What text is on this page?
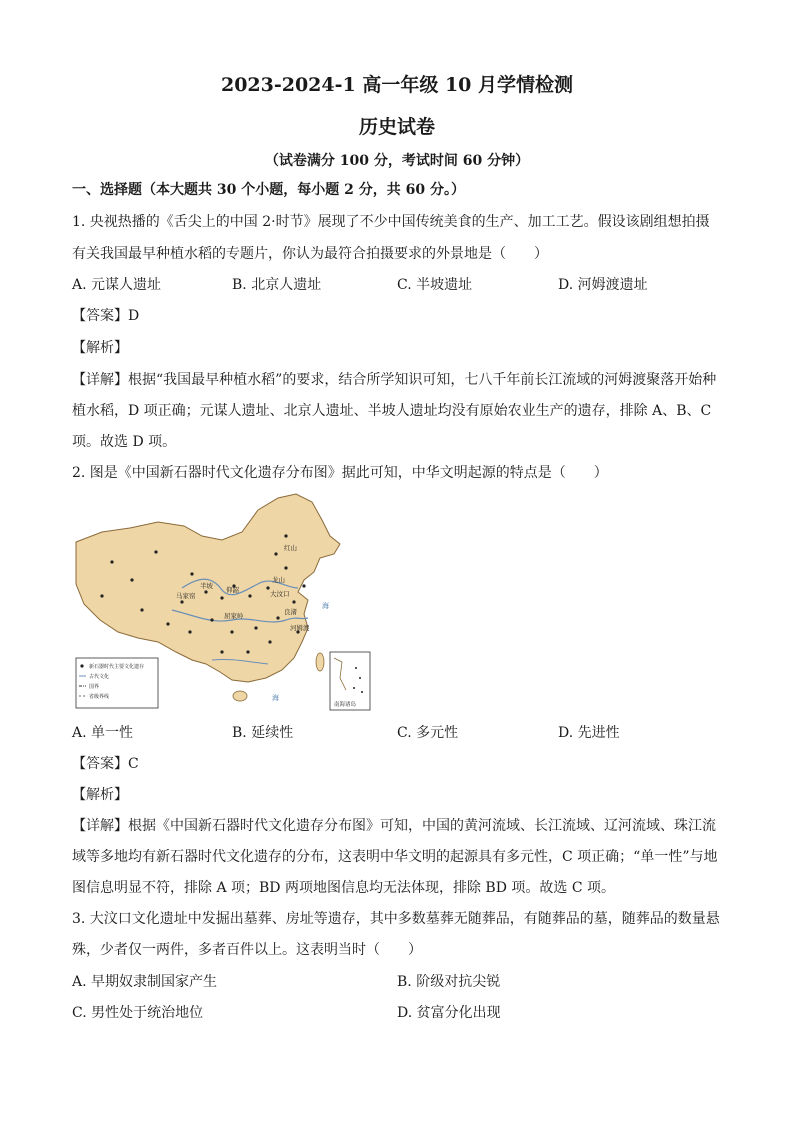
2023-2024-1 高一年级 10 月学情检测
历史试卷
（试卷满分 100 分，考试时间 60 分钟）
一、选择题（本大题共 30 个小题，每小题 2 分，共 60 分。）
1. 央视热播的《舌尖上的中国 2·时节》展现了不少中国传统美食的生产、加工工艺。假设该剧组想拍摄
有关我国最早种植水稻的专题片，你认为最符合拍摄要求的外景地是（　　）
A. 元谋人遗址	B. 北京人遗址	C. 半坡遗址	D. 河姆渡遗址
【答案】D
【解析】
【详解】根据“我国最早种植水稻”的要求，结合所学知识可知，七八千年前长江流域的河姆渡聚落开始种
植水稻，D 项正确；元谋人遗址、北京人遗址、半坡人遗址均没有原始农业生产的遗存，排除 A、B、C
项。故选 D 项。
2. 图是《中国新石器时代文化遗存分布图》据此可知，中华文明起源的特点是（　　）
红山
半坡
大汶口
龙山
仰韶
河姆渡
良渚
屈家岭
马家窑
海
海
新石器时代主要文化遗存
古代文化
国界
省级界线
南海诸岛
A. 单一性	B. 延续性	C. 多元性	D. 先进性
【答案】C
【解析】
【详解】根据《中国新石器时代文化遗存分布图》可知，中国的黄河流域、长江流域、辽河流域、珠江流
域等多地均有新石器时代文化遗存的分布，这表明中华文明的起源具有多元性，C 项正确；“单一性”与地
图信息明显不符，排除 A 项；BD 两项地图信息均无法体现，排除 BD 项。故选 C 项。
3. 大汶口文化遗址中发掘出墓葬、房址等遗存，其中多数墓葬无随葬品，有随葬品的墓，随葬品的数量悬
殊，少者仅一两件，多者百件以上。这表明当时（　　）
A. 早期奴隶制国家产生	B. 阶级对抗尖锐
C. 男性处于统治地位	D. 贫富分化出现
